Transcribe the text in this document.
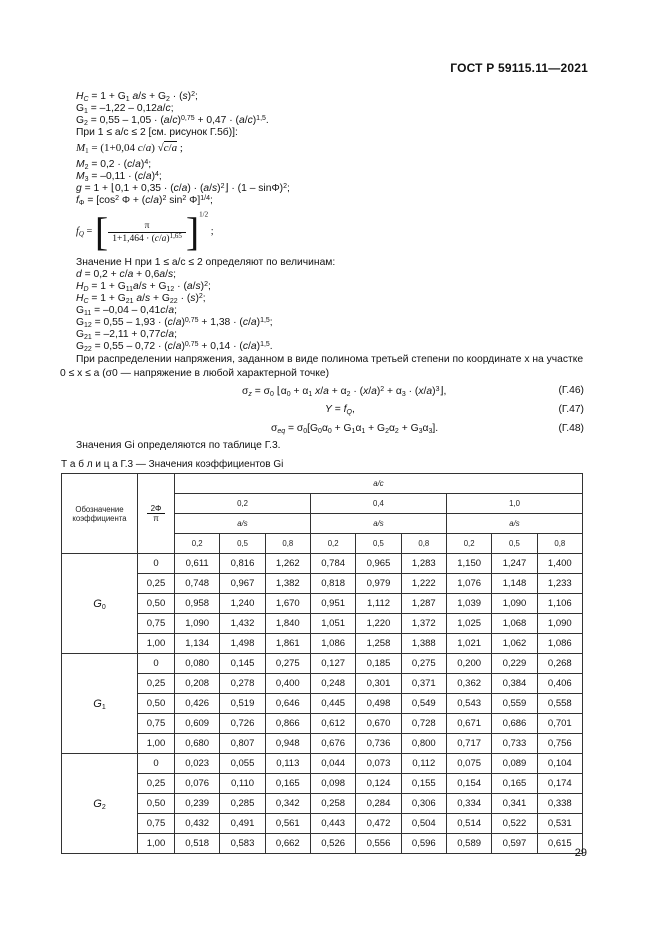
ГОСТ Р 59115.11—2021
$H_C = 1 + G_1$ $a/s + G_2 \cdot (s)^2$;
$G_1 = -1,22 - 0,12a/c$;
$G_2 = 0,55 - 1,05 \cdot (a/c)^{0,75} + 0,47 \cdot (a/c)^{1,5}$.
При 1 ≤ a/c ≤ 2 [см. рисунок Г.5б)]:
$M_1 = (1+0,04$ c/a) √c/a ;
$M_2 = 0,2 \cdot (c/a)^4$;
$M_3 = -0,11 \cdot (c/a)^4$;
g = 1 + ⌊0,1 + $0,35 \cdot (c/a) \cdot (a/s)^2⌋ \cdot (1 - \sin\Phi)^2$;
$f_\Phi = [\cos^2$ $\Phi + (c/a)^2$ $\sin^2 \Phi]^{1/4}$;
$f_Q$ = [ $\frac{\pi}{1+1,464 \cdot (c/a)^{1,65}} ]^{1/2}$ ;
Значение H при 1 ≤ a/c ≤ 2 определяют по величинам:
d = 0,2 + c/a + 0,6a/s;
$H_D = 1 + G_{11}a/s + G_{12} \cdot (a/s)^2$;
$H_C = 1 + G_{21}$ $a/s + G_{22} \cdot (s)^2$;
$G_{11} = -0,04 - 0,41c/a$;
$G_{12} = 0,55 - 1,93 \cdot (c/a)^{0,75} + 1,38 \cdot (c/a)^{1,5}$;
$G_{21} = -2,11 + 0,77c/a$;
$G_{22} = 0,55 - 0,72 \cdot (c/a)^{0,75} + 0,14 \cdot (c/a)^{1,5}$.
При распределении напряжения, заданном в виде полинома третьей степени по координате x на участке 0 ≤ x ≤ a (σ0 — напряжение в любой характерной точке)
$\sigma_z = \sigma_0$ $⌊\alpha_0 + \alpha_1$ $x/a + \alpha_2 \cdot (x/a)^2 + \alpha_3$ · $(x/a)^3⌋$,	(Г.46)
$Y = f_Q$,	(Г.47)
$\sigma_{eq} = \sigma_0[G_0\alpha_0 + G_1\alpha_1 + G_2\alpha_2 + G_3\alpha_3]$.	(Г.48)
Значения Gi определяются по таблице Г.3.
Т а б л и ц а Г.3 — Значения коэффициентов Gi
Обозначение коэффициента	$\frac{2\Phi}{\pi}$	a/c								
		0,2			0,4			1,0		
		a/s			a/s			a/s		
		0,2	0,5	0,8	0,2	0,5	0,8	0,2	0,5	0,8
$G_0$	0	0,611	0,816	1,262	0,784	0,965	1,283	1,150	1,247	1,400
	0,25	0,748	0,967	1,382	0,818	0,979	1,222	1,076	1,148	1,233
	0,50	0,958	1,240	1,670	0,951	1,112	1,287	1,039	1,090	1,106
	0,75	1,090	1,432	1,840	1,051	1,220	1,372	1,025	1,068	1,090
	1,00	1,134	1,498	1,861	1,086	1,258	1,388	1,021	1,062	1,086
$G_1$	0	0,080	0,145	0,275	0,127	0,185	0,275	0,200	0,229	0,268
	0,25	0,208	0,278	0,400	0,248	0,301	0,371	0,362	0,384	0,406
	0,50	0,426	0,519	0,646	0,445	0,498	0,549	0,543	0,559	0,558
	0,75	0,609	0,726	0,866	0,612	0,670	0,728	0,671	0,686	0,701
	1,00	0,680	0,807	0,948	0,676	0,736	0,800	0,717	0,733	0,756
$G_2$	0	0,023	0,055	0,113	0,044	0,073	0,112	0,075	0,089	0,104
	0,25	0,076	0,110	0,165	0,098	0,124	0,155	0,154	0,165	0,174
	0,50	0,239	0,285	0,342	0,258	0,284	0,306	0,334	0,341	0,338
	0,75	0,432	0,491	0,561	0,443	0,472	0,504	0,514	0,522	0,531
	1,00	0,518	0,583	0,662	0,526	0,556	0,596	0,589	0,597	0,615
29
